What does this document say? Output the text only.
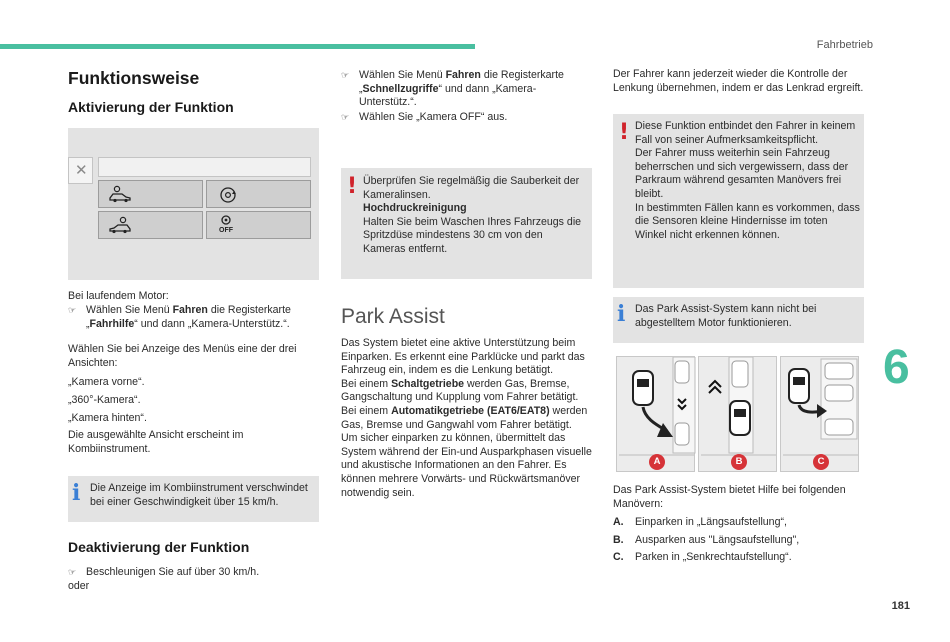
Fahrbetrieb
6
181
Funktionsweise
Aktivierung der Funktion
✕
OFF
Bei laufendem Motor:
☞ Wählen Sie Menü Fahren die Registerkarte „Fahrhilfe“ und dann „Kamera-Unterstütz.“.
Wählen Sie bei Anzeige des Menüs eine der drei Ansichten:
„Kamera vorne“.
„360°-Kamera“.
„Kamera hinten“.
Die ausgewählte Ansicht erscheint im Kombiinstrument.
i Die Anzeige im Kombiinstrument verschwindet bei einer Geschwindigkeit über 15 km/h.
Deaktivierung der Funktion
☞ Beschleunigen Sie auf über 30 km/h.
oder
☞ Wählen Sie Menü Fahren die Registerkarte „Schnellzugriffe“ und dann „Kamera-Unterstütz.“.
☞ Wählen Sie „Kamera OFF“ aus.
! Überprüfen Sie regelmäßig die Sauberkeit der Kameralinsen.
Hochdruckreinigung
Halten Sie beim Waschen Ihres Fahrzeugs die Spritzdüse mindestens 30 cm von den Kameras entfernt.
Park Assist
Das System bietet eine aktive Unterstützung beim Einparken. Es erkennt eine Parklücke und parkt das Fahrzeug ein, indem es die Lenkung betätigt.
Bei einem Schaltgetriebe werden Gas, Bremse, Gangschaltung und Kupplung vom Fahrer betätigt.
Bei einem Automatikgetriebe (EAT6/EAT8) werden Gas, Bremse und Gangwahl vom Fahrer betätigt.
Um sicher einparken zu können, übermittelt das System während der Ein-und Ausparkphasen visuelle und akustische Informationen an den Fahrer. Es können mehrere Vorwärts- und Rückwärtsmanöver notwendig sein.
Der Fahrer kann jederzeit wieder die Kontrolle der Lenkung übernehmen, indem er das Lenkrad ergreift.
! Diese Funktion entbindet den Fahrer in keinem Fall von seiner Aufmerksamkeitspflicht.
Der Fahrer muss weiterhin sein Fahrzeug beherrschen und sich vergewissern, dass der Parkraum während gesamten Manövers frei bleibt.
In bestimmten Fällen kann es vorkommen, dass die Sensoren kleine Hindernisse im toten Winkel nicht erkennen können.
i Das Park Assist-System kann nicht bei abgestelltem Motor funktionieren.
A	B	C
Das Park Assist-System bietet Hilfe bei folgenden Manövern:
A.	Einparken in „Längsaufstellung“,
B.	Ausparken aus "Längsaufstellung",
C.	Parken in „Senkrechtaufstellung“.
